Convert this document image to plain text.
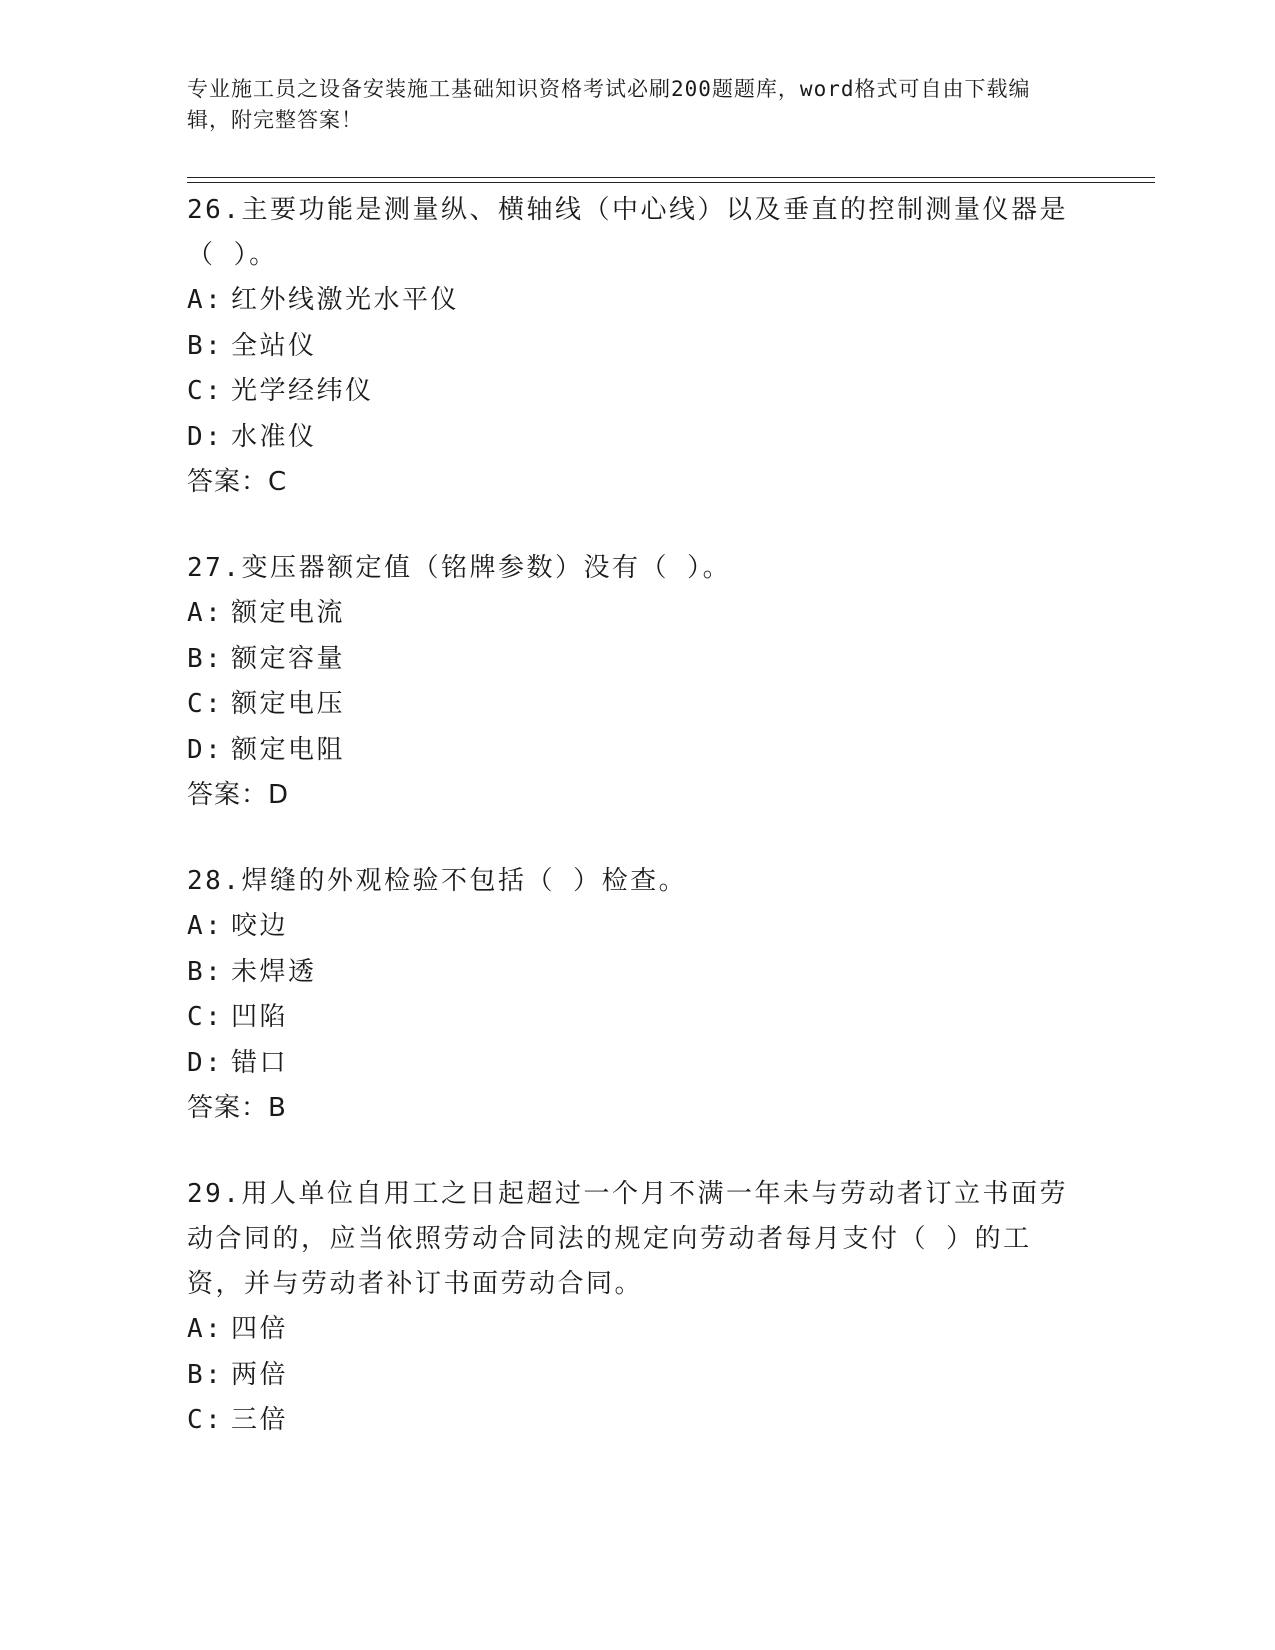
专业施工员之设备安装施工基础知识资格考试必刷200题题库，word格式可自由下载编辑，附完整答案！
26.主要功能是测量纵、横轴线（中心线）以及垂直的控制测量仪器是（ ）。
A: 红外线激光水平仪
B: 全站仪
C: 光学经纬仪
D: 水准仪
答案：C
27.变压器额定值（铭牌参数）没有（ ）。
A: 额定电流
B: 额定容量
C: 额定电压
D: 额定电阻
答案：D
28.焊缝的外观检验不包括（ ）检查。
A: 咬边
B: 未焊透
C: 凹陷
D: 错口
答案：B
29.用人单位自用工之日起超过一个月不满一年未与劳动者订立书面劳动合同的，应当依照劳动合同法的规定向劳动者每月支付（ ）的工资，并与劳动者补订书面劳动合同。
A: 四倍
B: 两倍
C: 三倍
